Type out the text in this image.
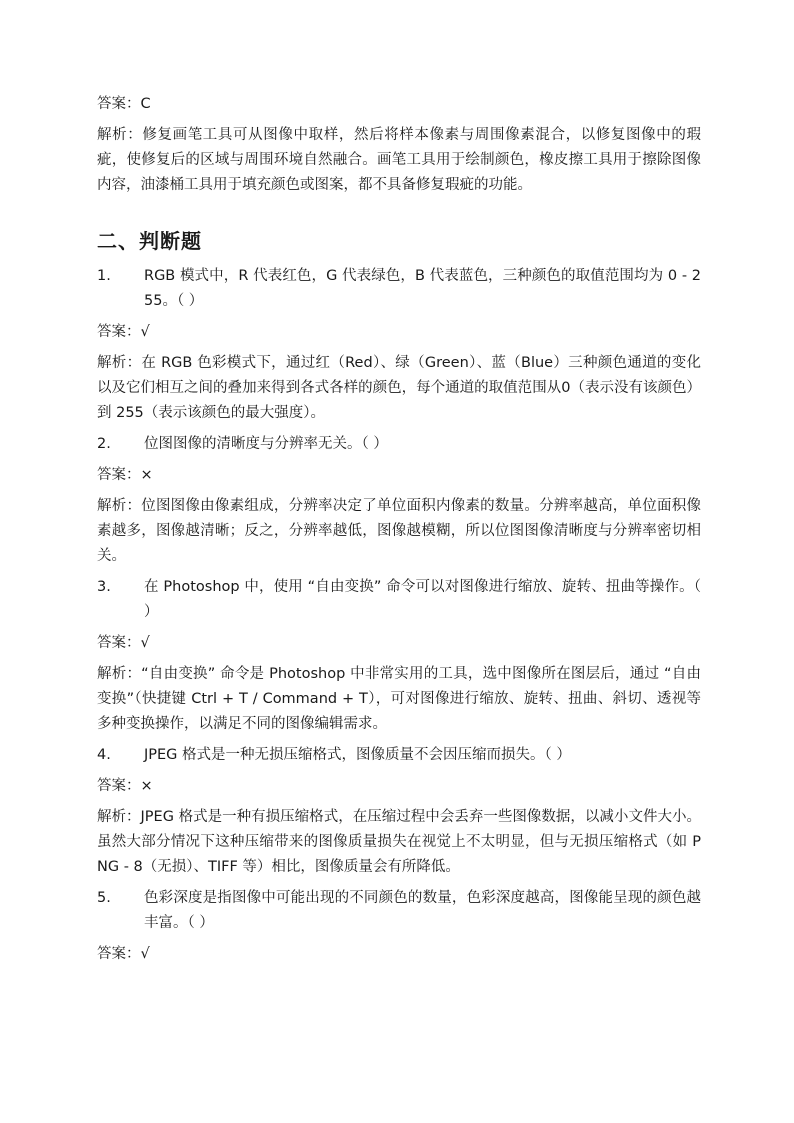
答案：C

解析：修复画笔工具可从图像中取样，然后将样本像素与周围像素混合，以修复图像中的瑕疵，使修复后的区域与周围环境自然融合。画笔工具用于绘制颜色，橡皮擦工具用于擦除图像内容，油漆桶工具用于填充颜色或图案，都不具备修复瑕疵的功能。

二、判断题
1.	RGB 模式中，R 代表红色，G 代表绿色，B 代表蓝色，三种颜色的取值范围均为 0 - 255。（ ）

答案：√

解析：在 RGB 色彩模式下，通过红（Red）、绿（Green）、蓝（Blue）三种颜色通道的变化以及它们相互之间的叠加来得到各式各样的颜色，每个通道的取值范围从0（表示没有该颜色）到 255（表示该颜色的最大强度）。

2.	位图图像的清晰度与分辨率无关。（ ）

答案：×

解析：位图图像由像素组成，分辨率决定了单位面积内像素的数量。分辨率越高，单位面积像素越多，图像越清晰；反之，分辨率越低，图像越模糊，所以位图图像清晰度与分辨率密切相关。

3.	在 Photoshop 中，使用 “自由变换” 命令可以对图像进行缩放、旋转、扭曲等操作。（ ）

答案：√

解析：“自由变换” 命令是 Photoshop 中非常实用的工具，选中图像所在图层后，通过 “自由变换”（快捷键 Ctrl + T / Command + T），可对图像进行缩放、旋转、扭曲、斜切、透视等多种变换操作，以满足不同的图像编辑需求。

4.	JPEG 格式是一种无损压缩格式，图像质量不会因压缩而损失。（ ）

答案：×

解析：JPEG 格式是一种有损压缩格式，在压缩过程中会丢弃一些图像数据，以减小文件大小。虽然大部分情况下这种压缩带来的图像质量损失在视觉上不太明显，但与无损压缩格式（如 PNG - 8（无损）、TIFF 等）相比，图像质量会有所降低。

5.	色彩深度是指图像中可能出现的不同颜色的数量，色彩深度越高，图像能呈现的颜色越丰富。（ ）

答案：√
